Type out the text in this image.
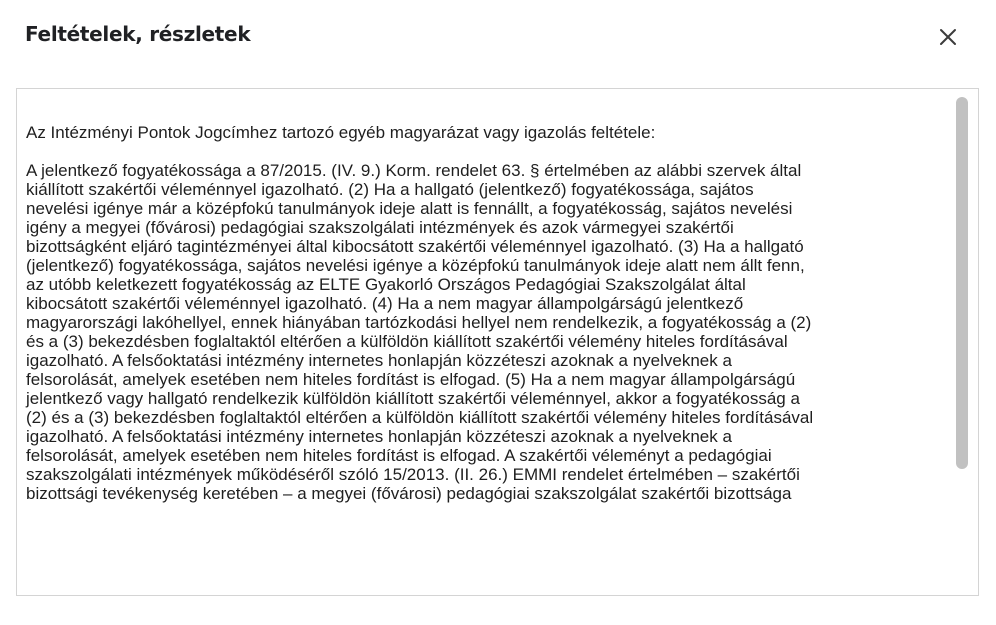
Feltételek, részletek

Az Intézményi Pontok Jogcímhez tartozó egyéb magyarázat vagy igazolás feltétele:

A jelentkező fogyatékossága a 87/2015. (IV. 9.) Korm. rendelet 63. § értelmében az alábbi szervek által
kiállított szakértői véleménnyel igazolható. (2) Ha a hallgató (jelentkező) fogyatékossága, sajátos
nevelési igénye már a középfokú tanulmányok ideje alatt is fennállt, a fogyatékosság, sajátos nevelési
igény a megyei (fővárosi) pedagógiai szakszolgálati intézmények és azok vármegyei szakértői
bizottságként eljáró tagintézményei által kibocsátott szakértői véleménnyel igazolható. (3) Ha a hallgató
(jelentkező) fogyatékossága, sajátos nevelési igénye a középfokú tanulmányok ideje alatt nem állt fenn,
az utóbb keletkezett fogyatékosság az ELTE Gyakorló Országos Pedagógiai Szakszolgálat által
kibocsátott szakértői véleménnyel igazolható. (4) Ha a nem magyar állampolgárságú jelentkező
magyarországi lakóhellyel, ennek hiányában tartózkodási hellyel nem rendelkezik, a fogyatékosság a (2)
és a (3) bekezdésben foglaltaktól eltérően a külföldön kiállított szakértői vélemény hiteles fordításával
igazolható. A felsőoktatási intézmény internetes honlapján közzéteszi azoknak a nyelveknek a
felsorolását, amelyek esetében nem hiteles fordítást is elfogad. (5) Ha a nem magyar állampolgárságú
jelentkező vagy hallgató rendelkezik külföldön kiállított szakértői véleménnyel, akkor a fogyatékosság a
(2) és a (3) bekezdésben foglaltaktól eltérően a külföldön kiállított szakértői vélemény hiteles fordításával
igazolható. A felsőoktatási intézmény internetes honlapján közzéteszi azoknak a nyelveknek a
felsorolását, amelyek esetében nem hiteles fordítást is elfogad. A szakértői véleményt a pedagógiai
szakszolgálati intézmények működéséről szóló 15/2013. (II. 26.) EMMI rendelet értelmében – szakértői
bizottsági tevékenység keretében – a megyei (fővárosi) pedagógiai szakszolgálat szakértői bizottsága
